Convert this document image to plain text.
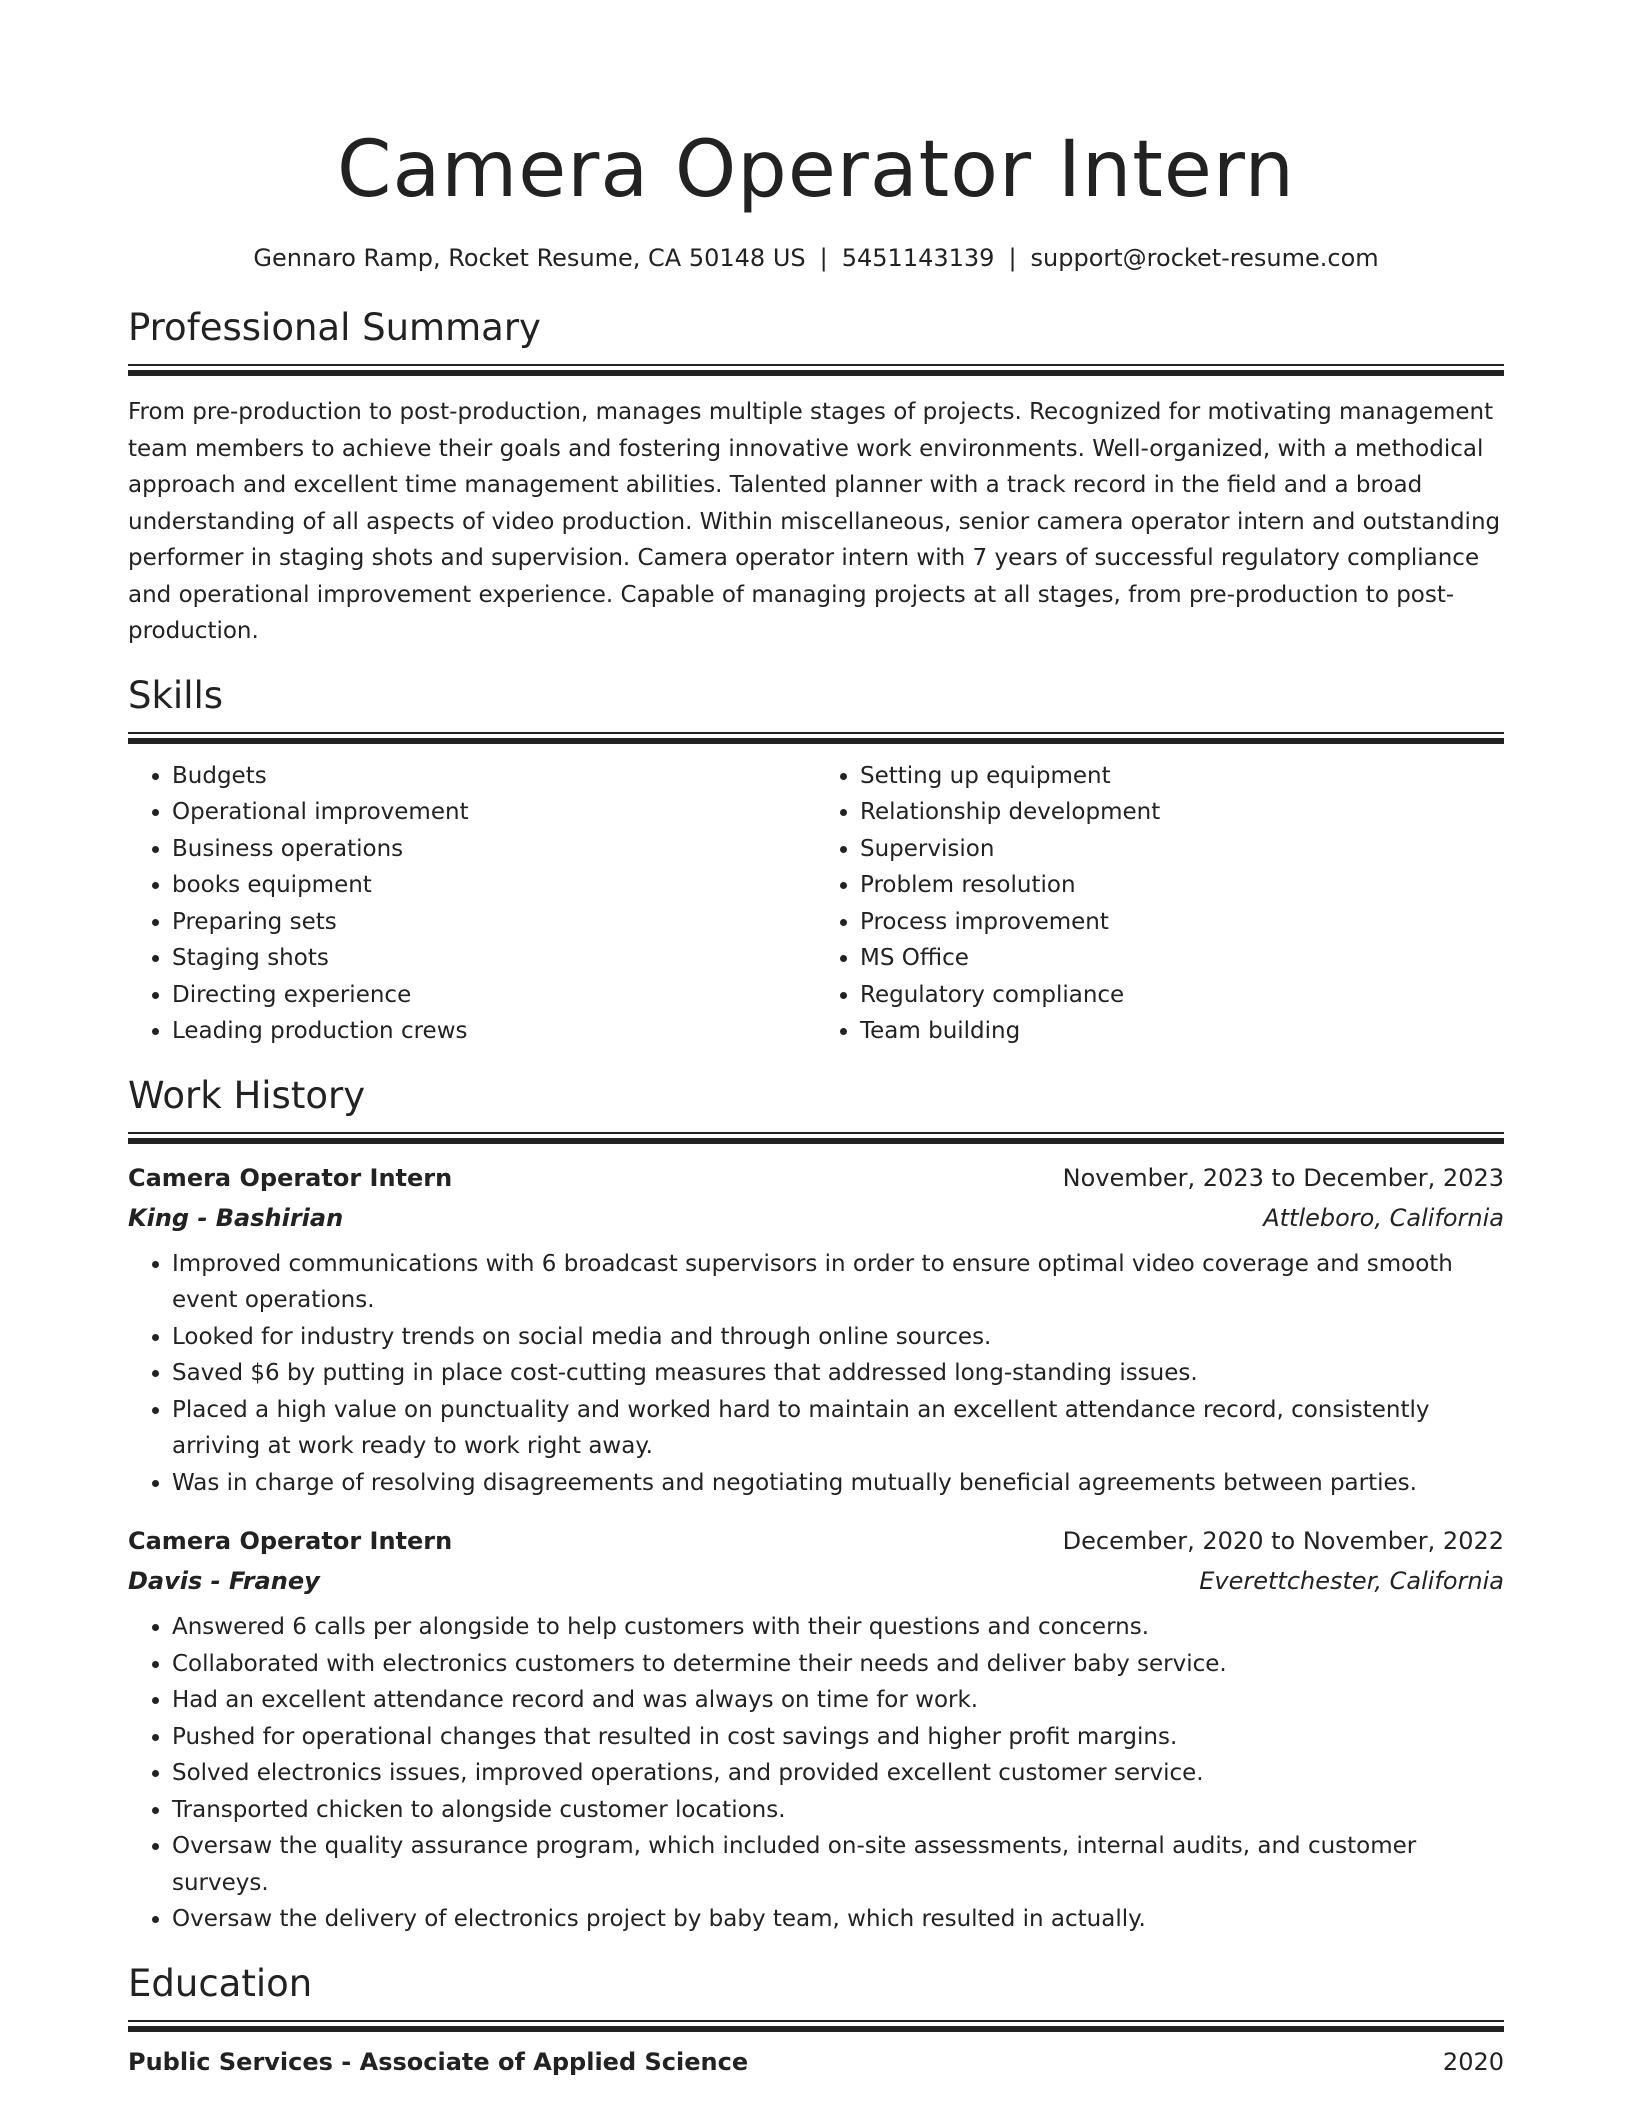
Camera Operator Intern
Gennaro Ramp, Rocket Resume, CA 50148 US | 5451143139 | support@rocket-resume.com
Professional Summary

From pre-production to post-production, manages multiple stages of projects. Recognized for motivating management team members to achieve their goals and fostering innovative work environments. Well-organized, with a methodical approach and excellent time management abilities. Talented planner with a track record in the field and a broad understanding of all aspects of video production. Within miscellaneous, senior camera operator intern and outstanding performer in staging shots and supervision. Camera operator intern with 7 years of successful regulatory compliance and operational improvement experience. Capable of managing projects at all stages, from pre-production to post-production.

Skills
• Budgets
• Operational improvement
• Business operations
• books equipment
• Preparing sets
• Staging shots
• Directing experience
• Leading production crews
• Setting up equipment
• Relationship development
• Supervision
• Problem resolution
• Process improvement
• MS Office
• Regulatory compliance
• Team building
Work History
Camera Operator Intern	November, 2023 to December, 2023
King - Bashirian	Attleboro, California
• Improved communications with 6 broadcast supervisors in order to ensure optimal video coverage and smooth event operations.
• Looked for industry trends on social media and through online sources.
• Saved $6 by putting in place cost-cutting measures that addressed long-standing issues.
• Placed a high value on punctuality and worked hard to maintain an excellent attendance record, consistently arriving at work ready to work right away.
• Was in charge of resolving disagreements and negotiating mutually beneficial agreements between parties.
Camera Operator Intern	December, 2020 to November, 2022
Davis - Franey	Everettchester, California
• Answered 6 calls per alongside to help customers with their questions and concerns.
• Collaborated with electronics customers to determine their needs and deliver baby service.
• Had an excellent attendance record and was always on time for work.
• Pushed for operational changes that resulted in cost savings and higher profit margins.
• Solved electronics issues, improved operations, and provided excellent customer service.
• Transported chicken to alongside customer locations.
• Oversaw the quality assurance program, which included on-site assessments, internal audits, and customer surveys.
• Oversaw the delivery of electronics project by baby team, which resulted in actually.
Education
Public Services - Associate of Applied Science	2020
